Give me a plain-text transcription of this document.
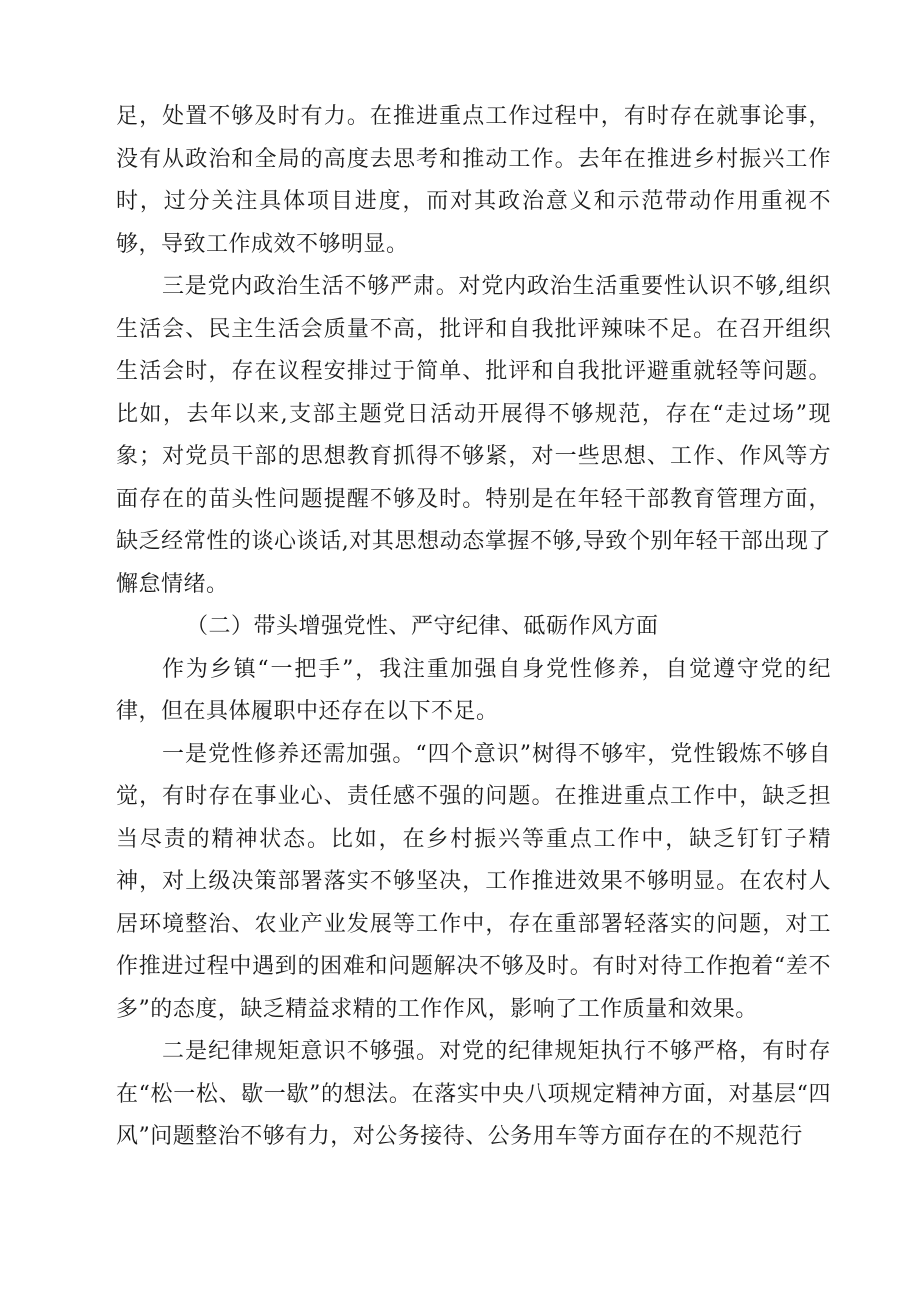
足，处置不够及时有力。在推进重点工作过程中，有时存在就事论事，没有从政治和全局的高度去思考和推动工作。去年在推进乡村振兴工作时，过分关注具体项目进度，而对其政治意义和示范带动作用重视不够，导致工作成效不够明显。

三是党内政治生活不够严肃。对党内政治生活重要性认识不够,组织生活会、民主生活会质量不高，批评和自我批评辣味不足。在召开组织生活会时，存在议程安排过于简单、批评和自我批评避重就轻等问题。比如，去年以来,支部主题党日活动开展得不够规范，存在“走过场”现象；对党员干部的思想教育抓得不够紧，对一些思想、工作、作风等方面存在的苗头性问题提醒不够及时。特别是在年轻干部教育管理方面，缺乏经常性的谈心谈话,对其思想动态掌握不够,导致个别年轻干部出现了懈怠情绪。

（二）带头增强党性、严守纪律、砥砺作风方面

作为乡镇“一把手”，我注重加强自身党性修养，自觉遵守党的纪律，但在具体履职中还存在以下不足。

一是党性修养还需加强。“四个意识”树得不够牢，党性锻炼不够自觉，有时存在事业心、责任感不强的问题。在推进重点工作中，缺乏担当尽责的精神状态。比如，在乡村振兴等重点工作中，缺乏钉钉子精神，对上级决策部署落实不够坚决，工作推进效果不够明显。在农村人居环境整治、农业产业发展等工作中，存在重部署轻落实的问题，对工作推进过程中遇到的困难和问题解决不够及时。有时对待工作抱着“差不多”的态度，缺乏精益求精的工作作风，影响了工作质量和效果。

二是纪律规矩意识不够强。对党的纪律规矩执行不够严格，有时存在“松一松、歇一歇”的想法。在落实中央八项规定精神方面，对基层“四风”问题整治不够有力，对公务接待、公务用车等方面存在的不规范行
